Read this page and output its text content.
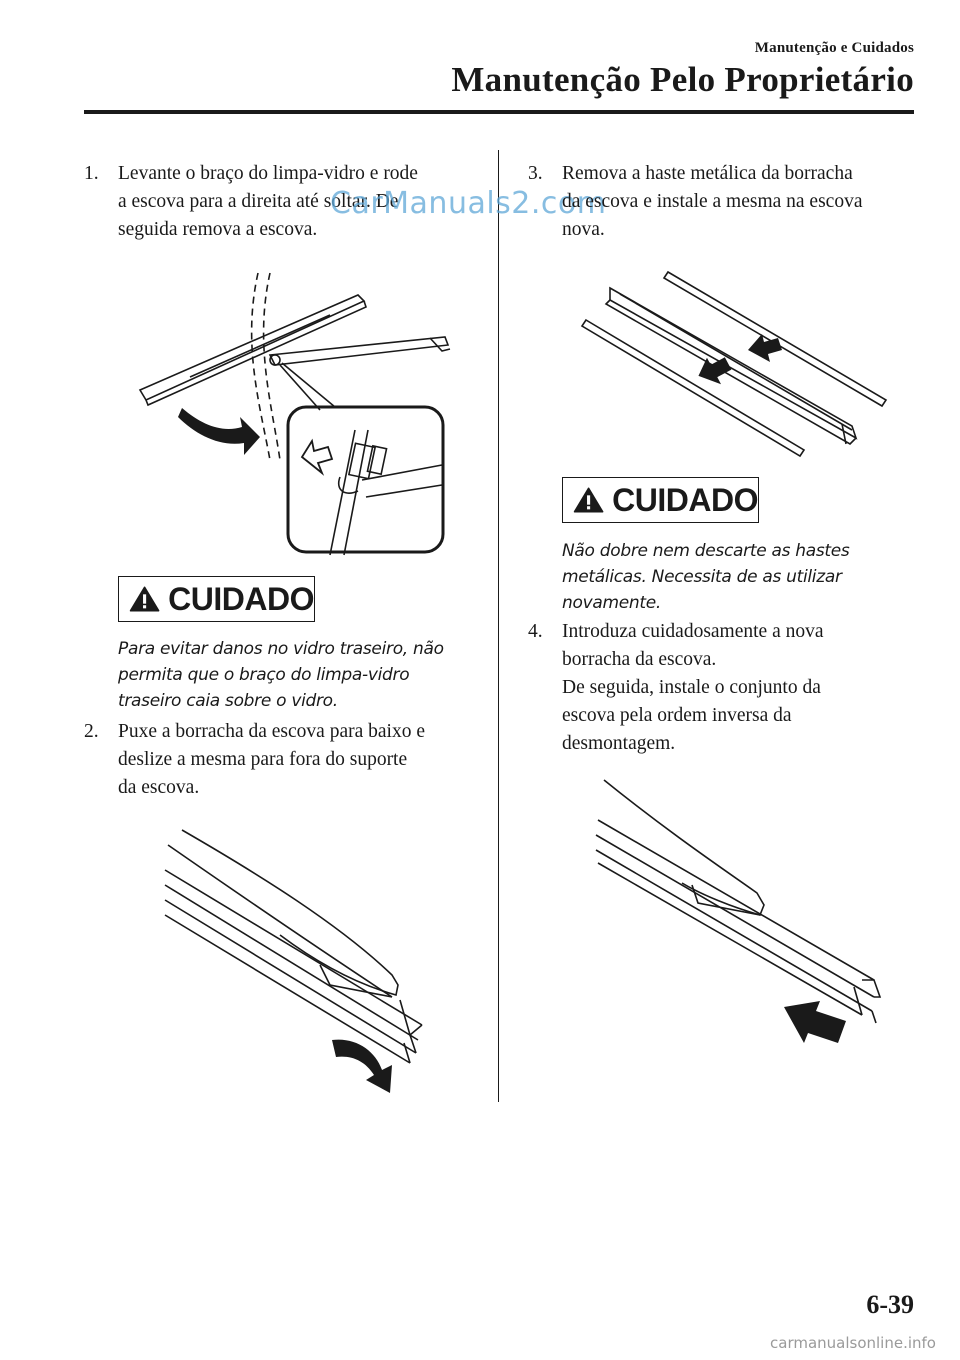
Manutenção e Cuidados
Manutenção Pelo Proprietário
1. Levante o braço do limpa-vidro e rode
a escova para a direita até soltar. De
seguida remova a escova.
CarManuals2.com
CUIDADO
Para evitar danos no vidro traseiro, não
permita que o braço do limpa-vidro
traseiro caia sobre o vidro.
2. Puxe a borracha da escova para baixo e
deslize a mesma para fora do suporte
da escova.
3. Remova a haste metálica da borracha
da escova e instale a mesma na escova
nova.
CUIDADO
Não dobre nem descarte as hastes
metálicas. Necessita de as utilizar
novamente.
4. Introduza cuidadosamente a nova
borracha da escova.
De seguida, instale o conjunto da
escova pela ordem inversa da
desmontagem.
6-39
carmanualsonline.info
